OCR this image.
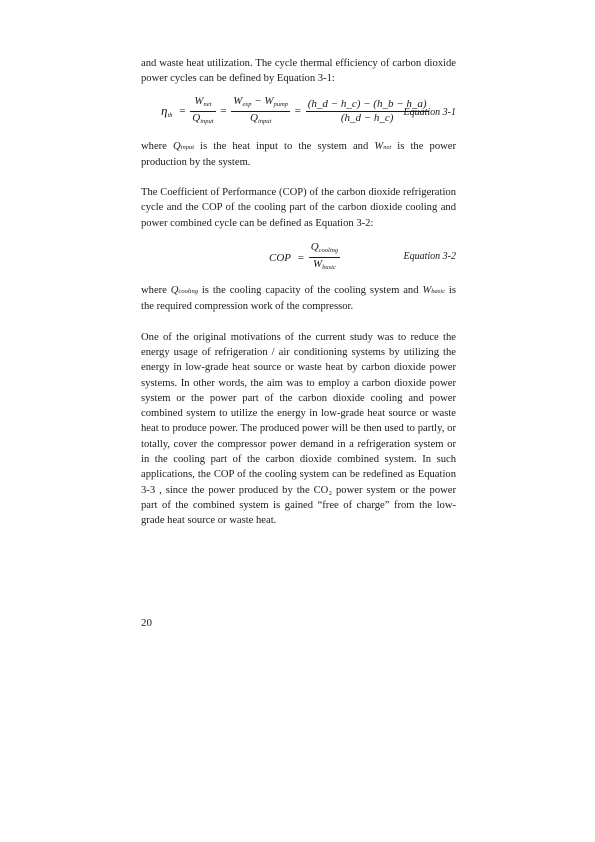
and waste heat utilization. The cycle thermal efficiency of carbon dioxide power cycles can be defined by Equation 3-1:

$\eta_{th} = \frac{W_{net}}{Q_{input}} = \frac{W_{exp} - W_{pump}}{Q_{input}} = \frac{(h\_d - h\_c) - (h\_b - h\_a)}{(h\_d - h\_c)}$
Equation 3-1

where Qinput is the heat input to the system and Wnet is the power production by the system.

The Coefficient of Performance (COP) of the carbon dioxide refrigeration cycle and the COP of the cooling part of the carbon dioxide cooling and power combined cycle can be defined as Equation 3-2:

COP = $\frac{Q_{cooling}}{W_{basic}}$	Equation 3-2

where Qcooling is the cooling capacity of the cooling system and Wbasic is the required compression work of the compressor.

One of the original motivations of the current study was to reduce the energy usage of refrigeration / air conditioning systems by utilizing the energy in low-grade heat source or waste heat by carbon dioxide power systems. In other words, the aim was to employ a carbon dioxide power system or the power part of the carbon dioxide cooling and power combined system to utilize the energy in low-grade heat source or waste heat to produce power. The produced power will be then used to partly, or totally, cover the compressor power demand in a refrigeration system or in the cooling part of the carbon dioxide combined system. In such applications, the COP of the cooling system can be redefined as Equation 3-3 , since the power produced by the CO₂ power system or the power part of the combined system is gained “free of charge” from the low-grade heat source or waste heat.

20
